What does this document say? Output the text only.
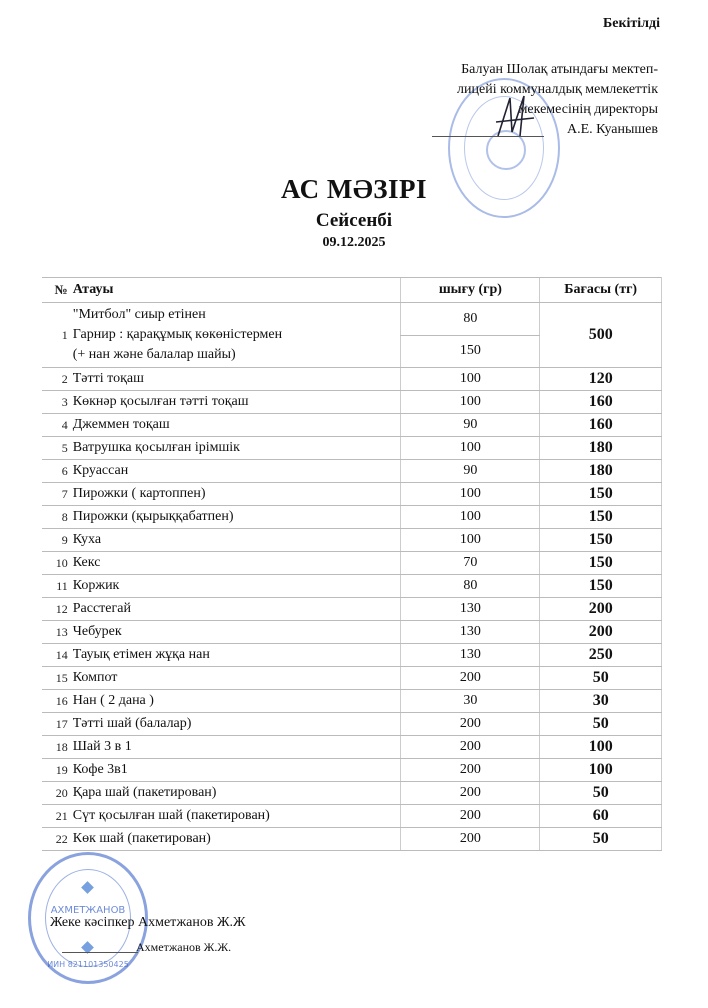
Бекітілді
Балуан Шолақ атындағы мектеп-
лицейі коммуналдық мемлекеттік
мекемесінің директоры
А.Е. Куанышев
АС МӘЗІРІ
Сейсенбі
09.12.2025
№	Атауы	шығу (гр)	Бағасы (тг)
1	"Митбол" сиыр етінен
Гарнир : қарақұмық көкөністермен
(+ нан және балалар шайы)	80	500
		150	
2	Тәтті тоқаш	100	120
3	Көкнәр қосылған тәтті тоқаш	100	160
4	Джеммен тоқаш	90	160
5	Ватрушка қосылған ірімшік	100	180
6	Круассан	90	180
7	Пирожки ( картоппен)	100	150
8	Пирожки (қырыққабатпен)	100	150
9	Куха	100	150
10	Кекс	70	150
11	Коржик	80	150
12	Расстегай	130	200
13	Чебурек	130	200
14	Тауық етімен жұқа нан	130	250
15	Компот	200	50
16	Нан ( 2 дана )	30	30
17	Тәтті шай (балалар)	200	50
18	Шай 3 в 1	200	100
19	Кофе 3в1	200	100
20	Қара шай (пакетирован)	200	50
21	Сүт қосылған шай (пакетирован)	200	60
22	Көк шай (пакетирован)	200	50
АХМЕТЖАНОВ
ИИН 821101350425
Жеке кәсіпкер Ахметжанов Ж.Ж
Ахметжанов Ж.Ж.
